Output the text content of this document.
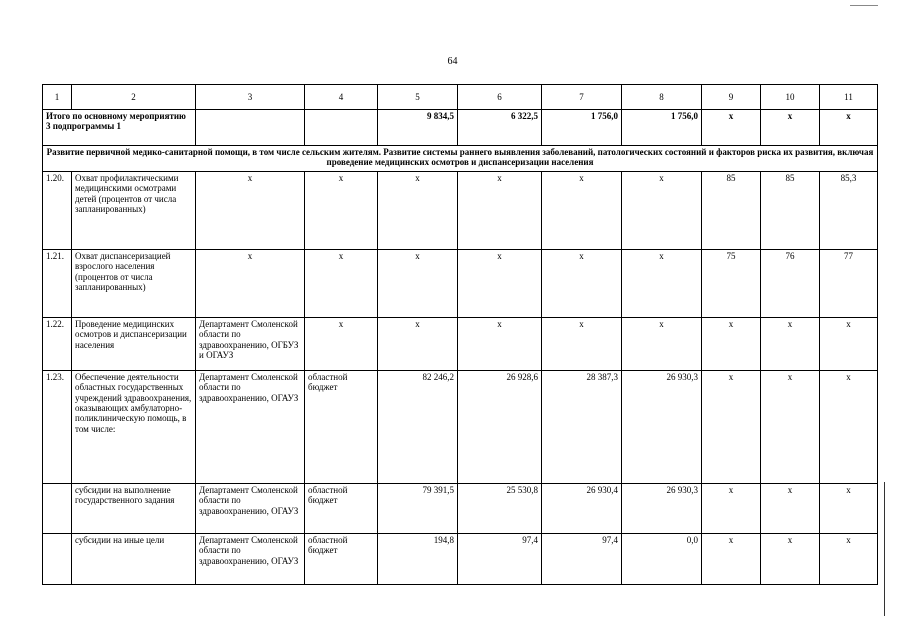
64
1	2	3	4	5	6	7	8	9	10	11
Итого по основному мероприятию 3 подпрограммы 1				9 834,5	6 322,5	1 756,0	1 756,0	x	x	x
Развитие первичной медико-санитарной помощи, в том числе сельским жителям. Развитие системы раннего выявления заболеваний, патологических состояний и факторов риска их развития, включая проведение медицинских осмотров и диспансеризации населения										
1.20.	Охват профилактическими медицинскими осмотрами детей (процентов от числа запланированных)	x	x	x	x	x	x	85	85	85,3
1.21.	Охват диспансеризацией взрослого населения (процентов от числа запланированных)	x	x	x	x	x	x	75	76	77
1.22.	Проведение медицинских осмотров и диспансеризации населения	Департамент Смоленской области по здравоохранению, ОГБУЗ и ОГАУЗ	x	x	x	x	x	x	x	x
1.23.	Обеспечение деятельности областных государственных учреждений здравоохранения, оказывающих амбулаторно-поликлиническую помощь, в том числе:	Департамент Смоленской области по здравоохранению, ОГАУЗ	областной бюджет	82 246,2	26 928,6	28 387,3	26 930,3	x	x	x
	субсидии на выполнение государственного задания	Департамент Смоленской области по здравоохранению, ОГАУЗ	областной бюджет	79 391,5	25 530,8	26 930,4	26 930,3	x	x	x
	субсидии на иные цели	Департамент Смоленской области по здравоохранению, ОГАУЗ	областной бюджет	194,8	97,4	97,4	0,0	x	x	x
